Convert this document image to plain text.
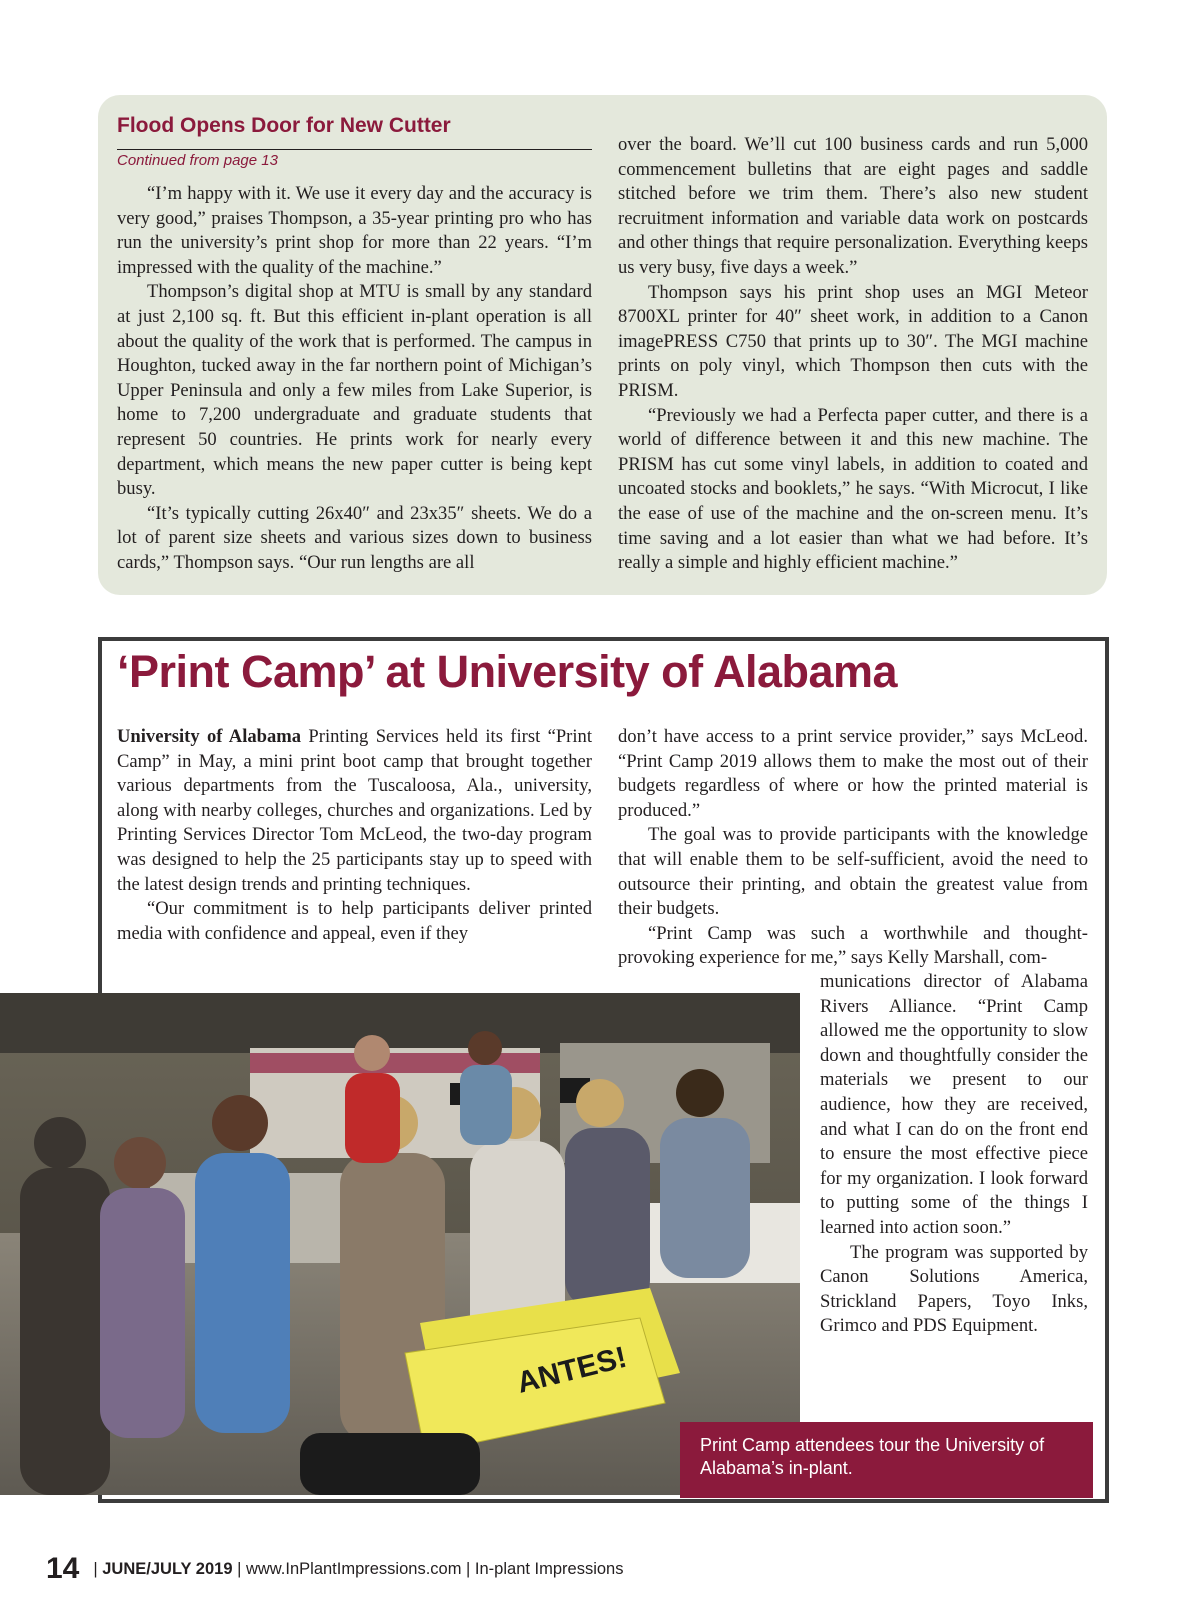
Flood Opens Door for New Cutter
Continued from page 13

“I’m happy with it. We use it every day and the accuracy is very good,” praises Thompson, a 35-year printing pro who has run the university’s print shop for more than 22 years. “I’m impressed with the quality of the machine.”

Thompson’s digital shop at MTU is small by any standard at just 2,100 sq. ft. But this efficient in-plant operation is all about the quality of the work that is performed. The campus in Houghton, tucked away in the far northern point of Michigan’s Upper Peninsula and only a few miles from Lake Superior, is home to 7,200 undergraduate and graduate students that represent 50 countries. He prints work for nearly every department, which means the new paper cutter is being kept busy.

“It’s typically cutting 26x40″ and 23x35″ sheets. We do a lot of parent size sheets and various sizes down to business cards,” Thompson says. “Our run lengths are all

over the board. We’ll cut 100 business cards and run 5,000 commencement bulletins that are eight pages and saddle stitched before we trim them. There’s also new student recruitment information and variable data work on postcards and other things that require personalization. Everything keeps us very busy, five days a week.”

Thompson says his print shop uses an MGI Meteor 8700XL printer for 40″ sheet work, in addition to a Canon imagePRESS C750 that prints up to 30″. The MGI machine prints on poly vinyl, which Thompson then cuts with the PRISM.

“Previously we had a Perfecta paper cutter, and there is a world of difference between it and this new machine. The PRISM has cut some vinyl labels, in addition to coated and uncoated stocks and booklets,” he says. “With Microcut, I like the ease of use of the machine and the on-screen menu. It’s time saving and a lot easier than what we had before. It’s really a simple and highly efficient machine.”

‘Print Camp’ at University of Alabama

University of Alabama Printing Services held its first “Print Camp” in May, a mini print boot camp that brought together various departments from the Tuscaloosa, Ala., university, along with nearby colleges, churches and organizations. Led by Printing Services Director Tom McLeod, the two-day program was designed to help the 25 participants stay up to speed with the latest design trends and printing techniques.

“Our commitment is to help participants deliver printed media with confidence and appeal, even if they

don’t have access to a print service provider,” says McLeod. “Print Camp 2019 allows them to make the most out of their budgets regardless of where or how the printed material is produced.”

The goal was to provide participants with the knowledge that will enable them to be self-sufficient, avoid the need to outsource their printing, and obtain the greatest value from their budgets.

“Print Camp was such a worthwhile and thought-provoking experience for me,” says Kelly Marshall, com-

munications director of Alabama Rivers Alliance. “Print Camp allowed me the opportunity to slow down and thoughtfully consider the materials we present to our audience, how they are received, and what I can do on the front end to ensure the most effective piece for my organization. I look forward to putting some of the things I learned into action soon.”

The program was supported by Canon Solutions America, Strickland Papers, Toyo Inks, Grimco and PDS Equipment.

ANTES!
Print Camp attendees tour the University of Alabama’s in-plant.
14 | JUNE/JULY 2019 | www.InPlantImpressions.com | In-plant Impressions
